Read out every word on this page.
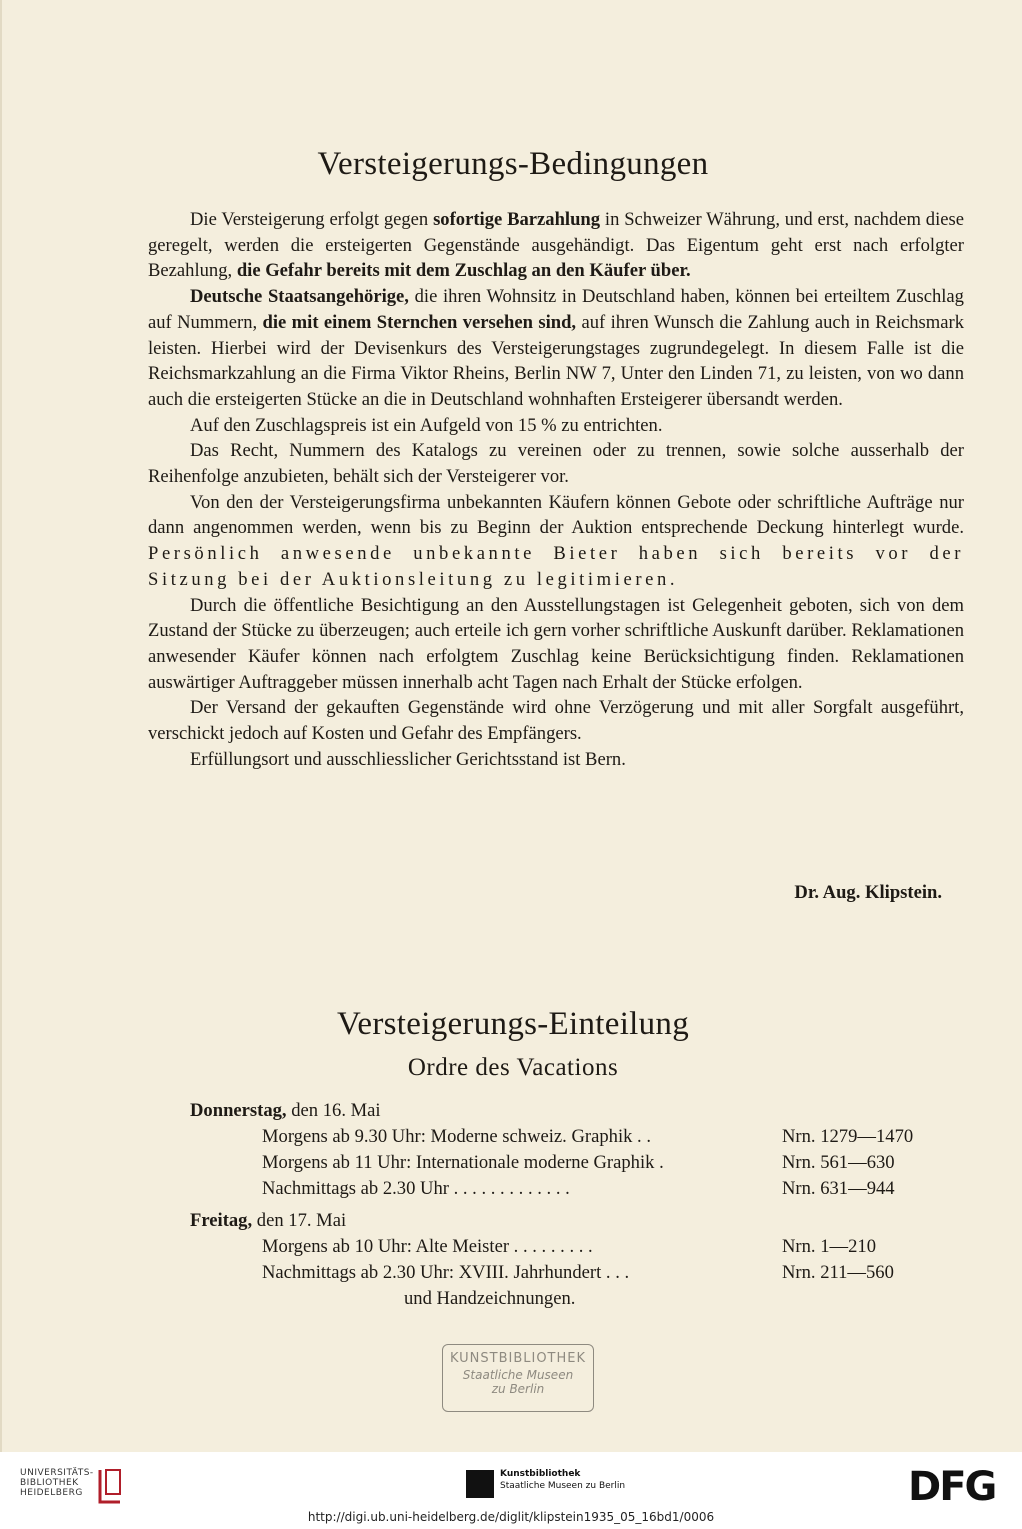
Versteigerungs-Bedingungen

Die Versteigerung erfolgt gegen sofortige Barzahlung in Schweizer Währung, und erst, nachdem diese geregelt, werden die ersteigerten Gegenstände ausgehändigt. Das Eigentum geht erst nach erfolgter Bezahlung, die Gefahr bereits mit dem Zuschlag an den Käufer über.

Deutsche Staatsangehörige, die ihren Wohnsitz in Deutschland haben, können bei erteiltem Zuschlag auf Nummern, die mit einem Sternchen versehen sind, auf ihren Wunsch die Zahlung auch in Reichsmark leisten. Hierbei wird der Devisenkurs des Versteigerungstages zugrundegelegt. In diesem Falle ist die Reichsmarkzahlung an die Firma Viktor Rheins, Berlin NW 7, Unter den Linden 71, zu leisten, von wo dann auch die ersteigerten Stücke an die in Deutschland wohnhaften Ersteigerer übersandt werden.

Auf den Zuschlagspreis ist ein Aufgeld von 15 % zu entrichten.

Das Recht, Nummern des Katalogs zu vereinen oder zu trennen, sowie solche ausserhalb der Reihenfolge anzubieten, behält sich der Versteigerer vor.

Von den der Versteigerungsfirma unbekannten Käufern können Gebote oder schriftliche Aufträge nur dann angenommen werden, wenn bis zu Beginn der Auktion entsprechende Deckung hinterlegt wurde. Persönlich anwesende unbekannte Bieter haben sich bereits vor der Sitzung bei der Auktionsleitung zu legitimieren.

Durch die öffentliche Besichtigung an den Ausstellungstagen ist Gelegenheit geboten, sich von dem Zustand der Stücke zu überzeugen; auch erteile ich gern vorher schriftliche Auskunft darüber. Reklamationen anwesender Käufer können nach erfolgtem Zuschlag keine Berücksichtigung finden. Reklamationen auswärtiger Auftraggeber müssen innerhalb acht Tagen nach Erhalt der Stücke erfolgen.

Der Versand der gekauften Gegenstände wird ohne Verzögerung und mit aller Sorgfalt ausgeführt, verschickt jedoch auf Kosten und Gefahr des Empfängers.

Erfüllungsort und ausschliesslicher Gerichtsstand ist Bern.

Dr. Aug. Klipstein.
Versteigerungs-Einteilung
Ordre des Vacations
Donnerstag, den 16. Mai
Morgens ab 9.30 Uhr: Moderne schweiz. Graphik . .	Nrn. 1279—1470
Morgens ab 11 Uhr: Internationale moderne Graphik .	Nrn. 561—630
Nachmittags ab 2.30 Uhr . . . . . . . . . . . . .	Nrn. 631—944
Freitag, den 17. Mai
Morgens ab 10 Uhr: Alte Meister . . . . . . . . .	Nrn. 1—210
Nachmittags ab 2.30 Uhr: XVIII. Jahrhundert . . .	Nrn. 211—560
und Handzeichnungen.
KUNSTBIBLIOTHEK
Staatliche Museen
zu Berlin
UNIVERSITÄTS-
BIBLIOTHEK
HEIDELBERG
Kunstbibliothek
Staatliche Museen zu Berlin	DFG
http://digi.ub.uni-heidelberg.de/diglit/klipstein1935_05_16bd1/0006
